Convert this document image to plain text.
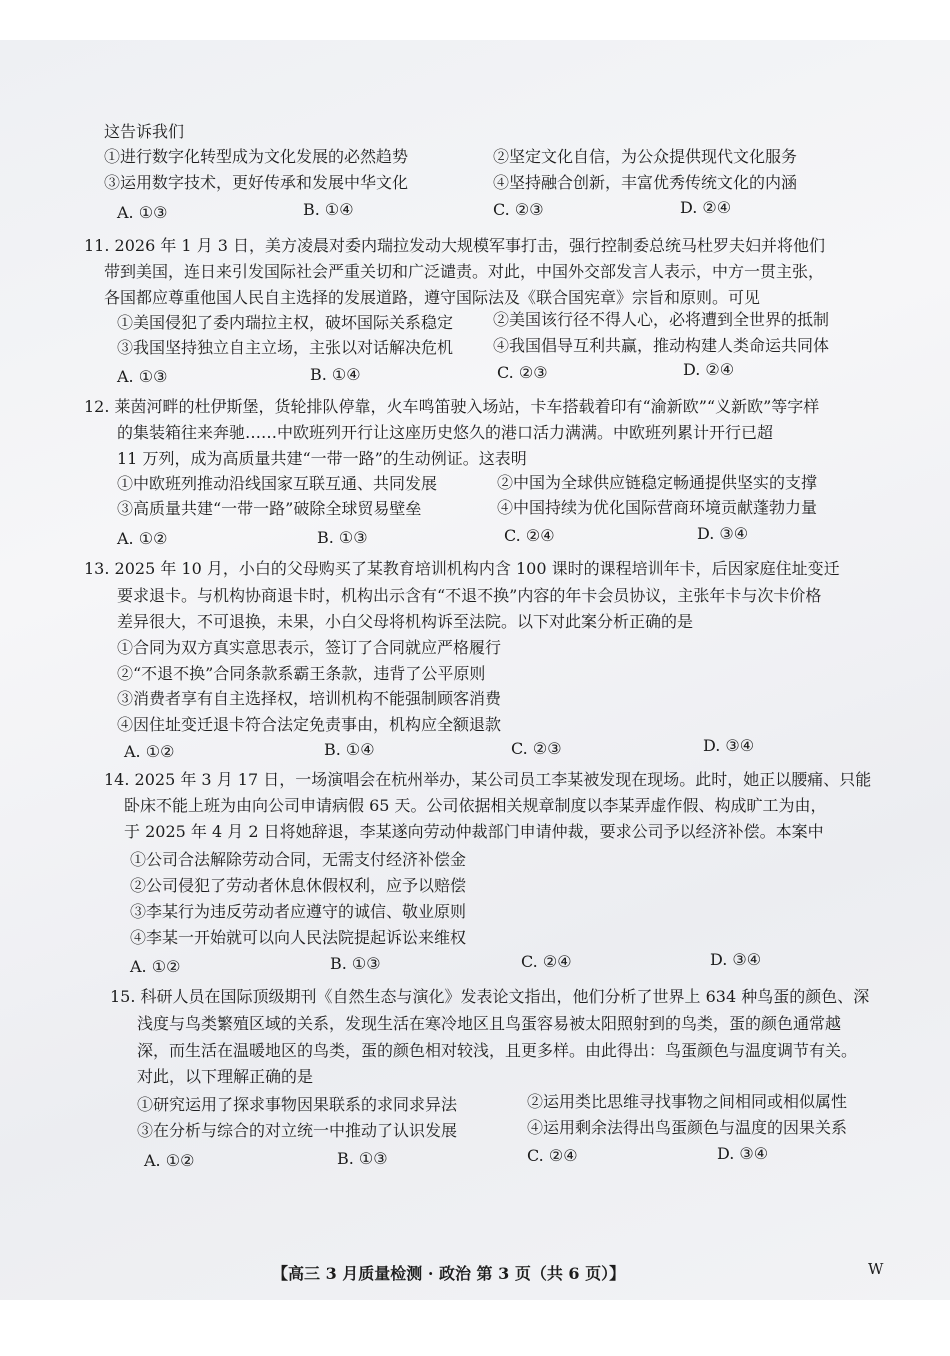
这告诉我们

①进行数字化转型成为文化发展的必然趋势	②坚定文化自信，为公众提供现代文化服务
③运用数字技术，更好传承和发展中华文化	④坚持融合创新，丰富优秀传统文化的内涵
A. ①③	B. ①④	C. ②③	D. ②④

11. 2026 年 1 月 3 日，美方凌晨对委内瑞拉发动大规模军事打击，强行控制委总统马杜罗夫妇并将他们

带到美国，连日来引发国际社会严重关切和广泛谴责。对此，中国外交部发言人表示，中方一贯主张，

各国都应尊重他国人民自主选择的发展道路，遵守国际法及《联合国宪章》宗旨和原则。可见

①美国侵犯了委内瑞拉主权，破坏国际关系稳定 ②美国该行径不得人心，必将遭到全世界的抵制
③我国坚持独立自主立场，主张以对话解决危机 ④我国倡导互利共赢，推动构建人类命运共同体
A. ①③	B. ①④	C. ②③	D. ②④

12. 莱茵河畔的杜伊斯堡，货轮排队停靠，火车鸣笛驶入场站，卡车搭载着印有“渝新欧”“义新欧”等字样

的集装箱往来奔驰……中欧班列开行让这座历史悠久的港口活力满满。中欧班列累计开行已超

11 万列，成为高质量共建“一带一路”的生动例证。这表明

①中欧班列推动沿线国家互联互通、共同发展	②中国为全球供应链稳定畅通提供坚实的支撑
③高质量共建“一带一路”破除全球贸易壁垒	④中国持续为优化国际营商环境贡献蓬勃力量
A. ①②	B. ①③	C. ②④	D. ③④

13. 2025 年 10 月，小白的父母购买了某教育培训机构内含 100 课时的课程培训年卡，后因家庭住址变迁

要求退卡。与机构协商退卡时，机构出示含有“不退不换”内容的年卡会员协议，主张年卡与次卡价格

差异很大，不可退换，未果，小白父母将机构诉至法院。以下对此案分析正确的是

①合同为双方真实意思表示，签订了合同就应严格履行
②“不退不换”合同条款系霸王条款，违背了公平原则
③消费者享有自主选择权，培训机构不能强制顾客消费
④因住址变迁退卡符合法定免责事由，机构应全额退款
A. ①②	B. ①④	C. ②③	D. ③④

14. 2025 年 3 月 17 日，一场演唱会在杭州举办，某公司员工李某被发现在现场。此时，她正以腰痛、只能

卧床不能上班为由向公司申请病假 65 天。公司依据相关规章制度以李某弄虚作假、构成旷工为由，

于 2025 年 4 月 2 日将她辞退，李某遂向劳动仲裁部门申请仲裁，要求公司予以经济补偿。本案中

①公司合法解除劳动合同，无需支付经济补偿金
②公司侵犯了劳动者休息休假权利，应予以赔偿
③李某行为违反劳动者应遵守的诚信、敬业原则
④李某一开始就可以向人民法院提起诉讼来维权
A. ①②	B. ①③	C. ②④	D. ③④

15. 科研人员在国际顶级期刊《自然生态与演化》发表论文指出，他们分析了世界上 634 种鸟蛋的颜色、深

浅度与鸟类繁殖区域的关系，发现生活在寒冷地区且鸟蛋容易被太阳照射到的鸟类，蛋的颜色通常越

深，而生活在温暖地区的鸟类，蛋的颜色相对较浅，且更多样。由此得出：鸟蛋颜色与温度调节有关。

对此，以下理解正确的是

①研究运用了探求事物因果联系的求同求异法	②运用类比思维寻找事物之间相同或相似属性
③在分析与综合的对立统一中推动了认识发展	④运用剩余法得出鸟蛋颜色与温度的因果关系
A. ①②	B. ①③	C. ②④	D. ③④
【高三 3 月质量检测 · 政治 第 3 页（共 6 页）】	W
